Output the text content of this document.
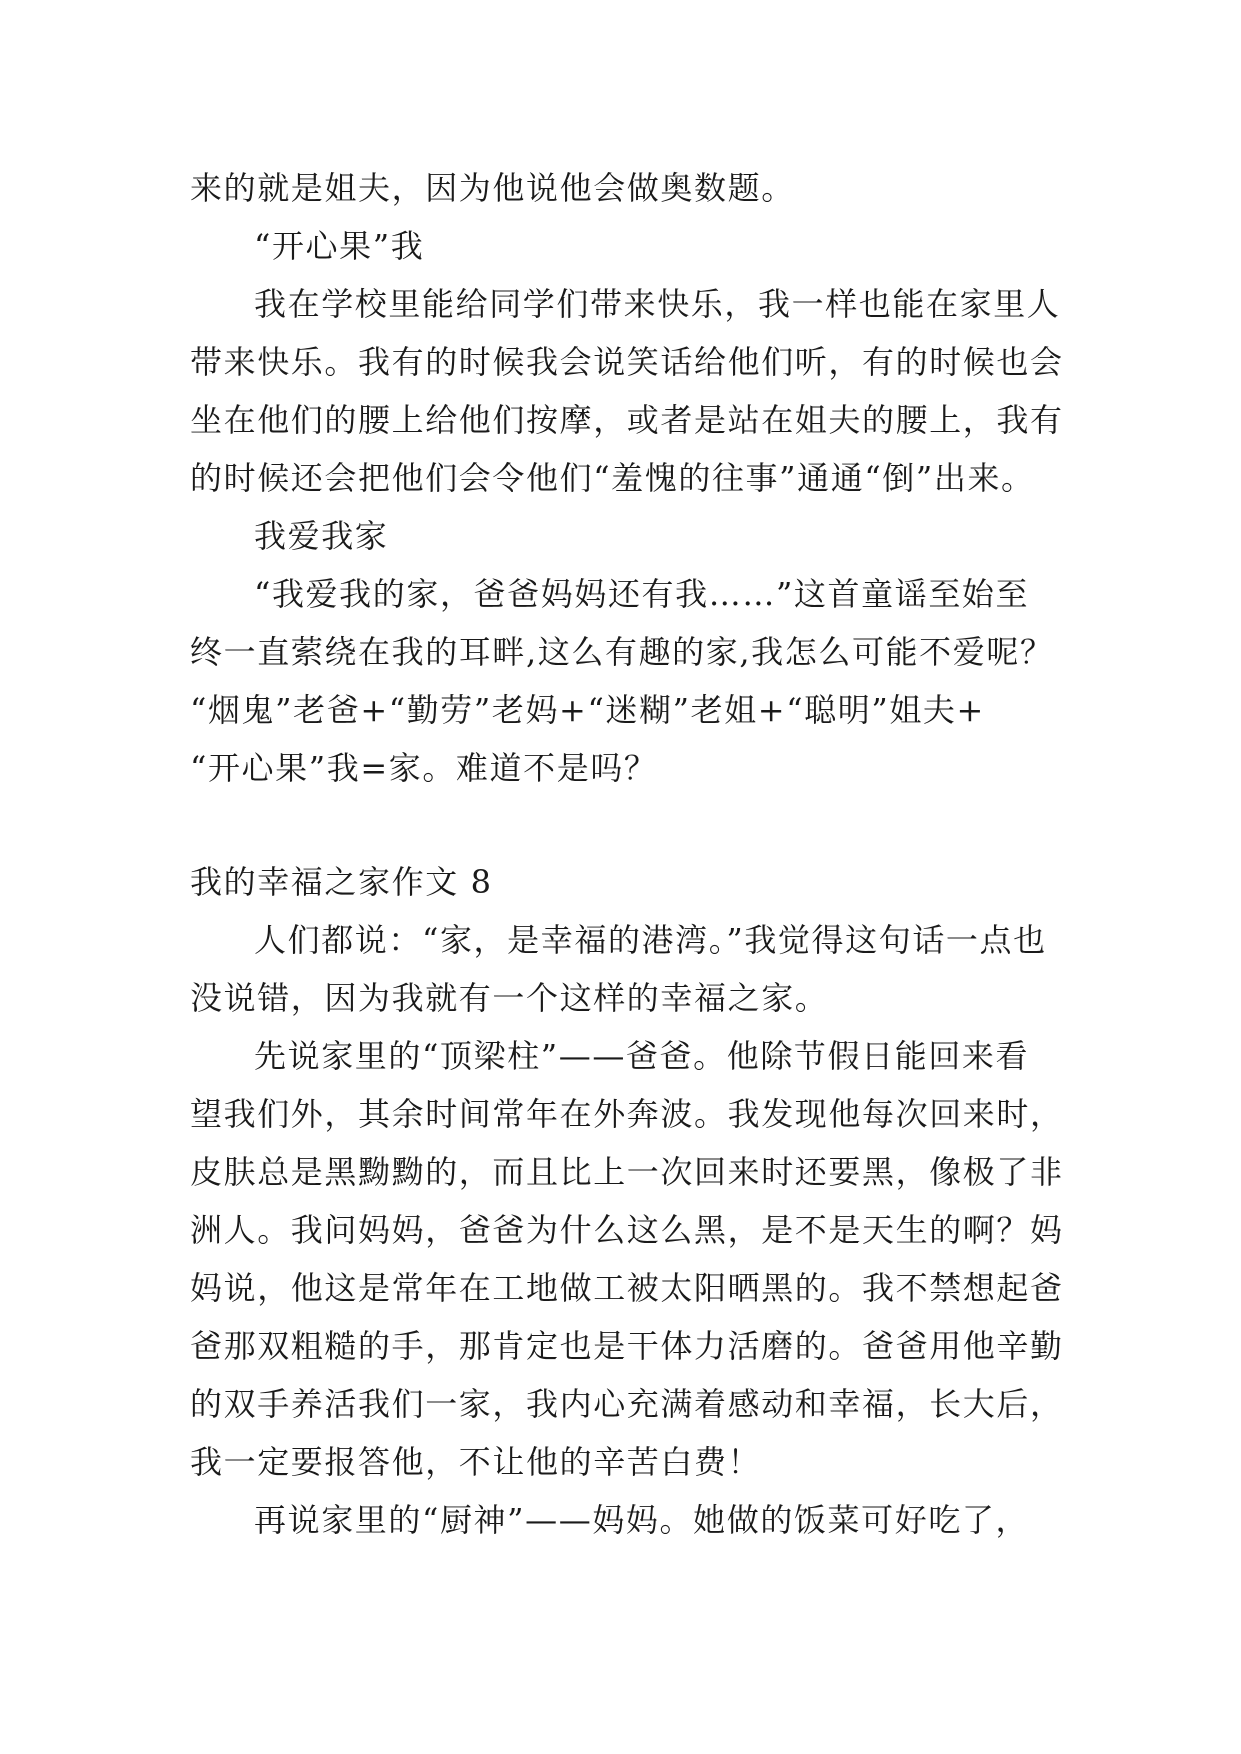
来的就是姐夫，因为他说他会做奥数题。
“开心果”我
我在学校里能给同学们带来快乐，我一样也能在家里人
带来快乐。我有的时候我会说笑话给他们听，有的时候也会
坐在他们的腰上给他们按摩，或者是站在姐夫的腰上，我有
的时候还会把他们会令他们“羞愧的往事”通通“倒”出来。
我爱我家
“我爱我的家，爸爸妈妈还有我……”这首童谣至始至
终一直萦绕在我的耳畔,这么有趣的家,我怎么可能不爱呢？
“烟鬼”老爸+“勤劳”老妈+“迷糊”老姐+“聪明”姐夫+
“开心果”我=家。难道不是吗？
我的幸福之家作文 8
人们都说：“家，是幸福的港湾。”我觉得这句话一点也
没说错，因为我就有一个这样的幸福之家。
先说家里的“顶梁柱”——爸爸。他除节假日能回来看
望我们外，其余时间常年在外奔波。我发现他每次回来时，
皮肤总是黑黝黝的，而且比上一次回来时还要黑，像极了非
洲人。我问妈妈，爸爸为什么这么黑，是不是天生的啊？妈
妈说，他这是常年在工地做工被太阳晒黑的。我不禁想起爸
爸那双粗糙的手，那肯定也是干体力活磨的。爸爸用他辛勤
的双手养活我们一家，我内心充满着感动和幸福，长大后，
我一定要报答他，不让他的辛苦白费！
再说家里的“厨神”——妈妈。她做的饭菜可好吃了，
